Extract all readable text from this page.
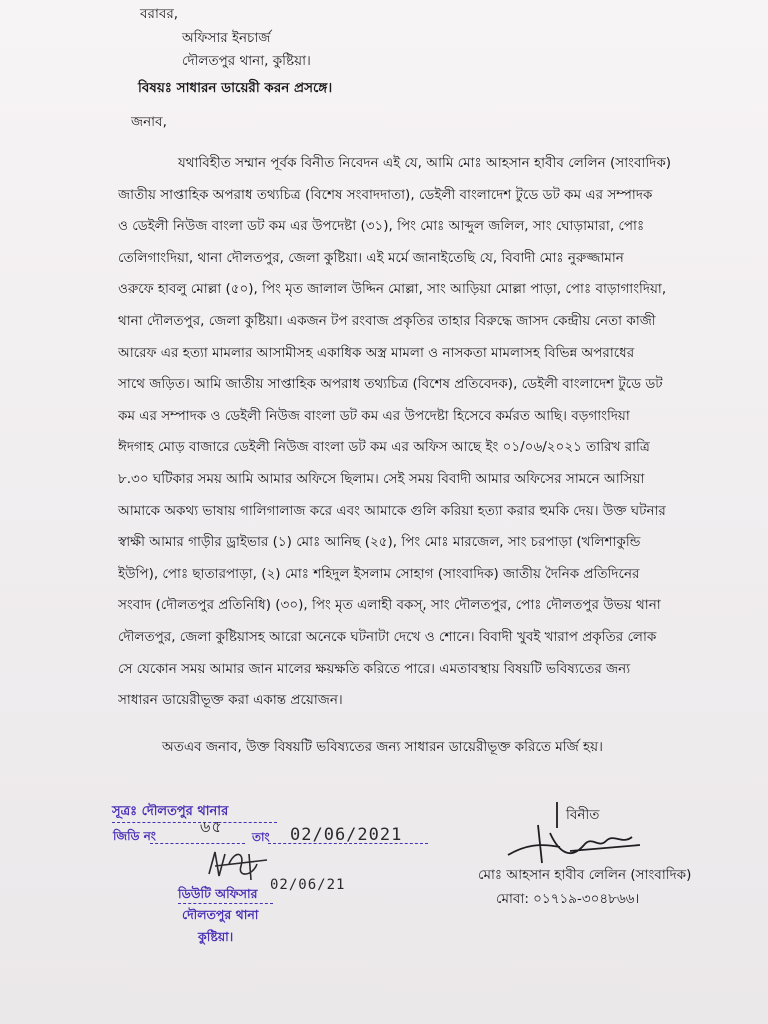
বরাবর,
অফিসার ইনচার্জ
দৌলতপুর থানা, কুষ্টিয়া।
বিষয়ঃ সাধারন ডায়েরী করন প্রসঙ্গে।
জনাব,
যথাবিহীত সম্মান পূর্বক বিনীত নিবেদন এই যে, আমি মোঃ আহসান হাবীব লেলিন (সাংবাদিক)
জাতীয় সাপ্তাহিক অপরাধ তথ্যচিত্র (বিশেষ সংবাদদাতা), ডেইলী বাংলাদেশ টুডে ডট কম এর সম্পাদক
ও ডেইলী নিউজ বাংলা ডট কম এর উপদেষ্টা (৩১), পিং মোঃ আব্দুল জলিল, সাং ঘোড়ামারা, পোঃ
তেলিগাংদিয়া, থানা দৌলতপুর, জেলা কুষ্টিয়া। এই মর্মে জানাইতেছি যে, বিবাদী মোঃ নুরুজ্জামান
ওরুফে হাবলু মোল্লা (৫০), পিং মৃত জালাল উদ্দিন মোল্লা, সাং আড়িয়া মোল্লা পাড়া, পোঃ বাড়াগাংদিয়া,
থানা দৌলতপুর, জেলা কুষ্টিয়া। একজন টপ রংবাজ প্রকৃতির তাহার বিরুদ্ধে জাসদ কেন্দ্রীয় নেতা কাজী
আরেফ এর হত্যা মামলার আসামীসহ একাধিক অস্ত্র মামলা ও নাসকতা মামলাসহ বিভিন্ন অপরাধের
সাথে জড়িত। আমি জাতীয় সাপ্তাহিক অপরাধ তথ্যচিত্র (বিশেষ প্রতিবেদক), ডেইলী বাংলাদেশ টুডে ডট
কম এর সম্পাদক ও ডেইলী নিউজ বাংলা ডট কম এর উপদেষ্টা হিসেবে কর্মরত আছি। বড়গাংদিয়া
ঈদগাহ মোড় বাজারে ডেইলী নিউজ বাংলা ডট কম এর অফিস আছে ইং ০১/০৬/২০২১ তারিখ রাত্রি
৮.৩০ ঘটিকার সময় আমি আমার অফিসে ছিলাম। সেই সময় বিবাদী আমার অফিসের সামনে আসিয়া
আমাকে অকথ্য ভাষায় গালিগালাজ করে এবং আমাকে গুলি করিয়া হত্যা করার হুমকি দেয়। উক্ত ঘটনার
স্বাক্ষী আমার গাড়ীর ড্রাইভার (১) মোঃ আনিছ (২৫), পিং মোঃ মারজেল, সাং চরপাড়া (খলিশাকুন্ডি
ইউপি), পোঃ ছাতারপাড়া, (২) মোঃ শহিদুল ইসলাম সোহাগ (সাংবাদিক) জাতীয় দৈনিক প্রতিদিনের
সংবাদ (দৌলতপুর প্রতিনিধি) (৩০), পিং মৃত এলাহী বকস্, সাং দৌলতপুর, পোঃ দৌলতপুর উভয় থানা
দৌলতপুর, জেলা কুষ্টিয়াসহ আরো অনেকে ঘটনাটা দেখে ও শোনে। বিবাদী খুবই খারাপ প্রকৃতির লোক
সে যেকোন সময় আমার জান মালের ক্ষয়ক্ষতি করিতে পারে। এমতাবস্থায় বিষয়টি ভবিষ্যতের জন্য
সাধারন ডায়েরীভূক্ত করা একান্ত প্রয়োজন।
অতএব জনাব, উক্ত বিষয়টি ভবিষ্যতের জন্য সাধারন ডায়েরীভূক্ত করিতে মর্জি হয়।
সূত্রঃ দৌলতপুর থানার
জিডি নং	তাং
৬৫	02/06/2021
02/06/21
ডিউটি অফিসার
দৌলতপুর থানা
কুষ্টিয়া।
বিনীত
মোঃ আহসান হাবীব লেলিন (সাংবাদিক)
মোবা: ০১৭১৯-৩০৪৮৬৬।
